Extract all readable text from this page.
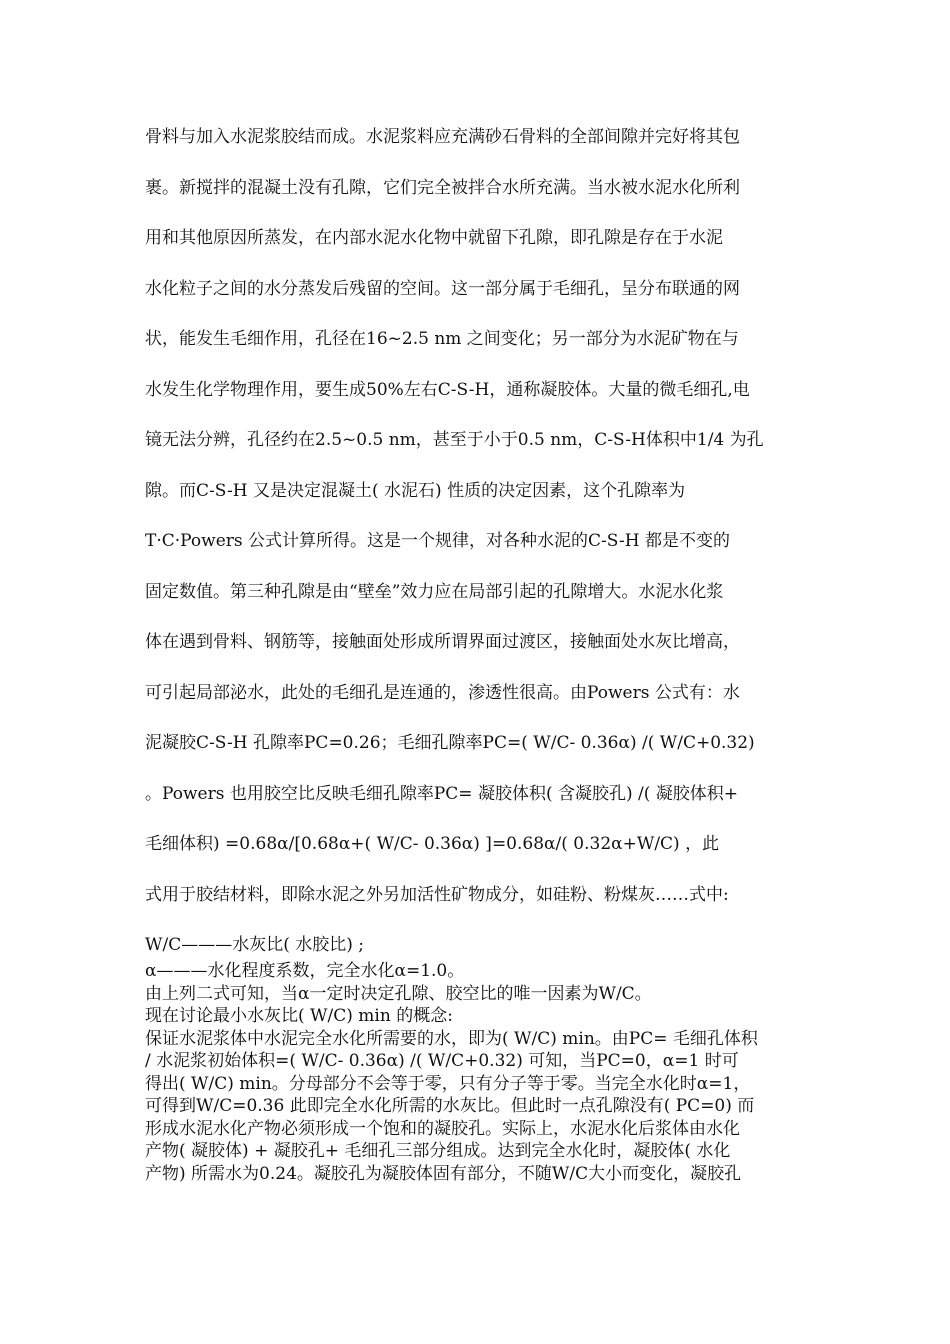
骨料与加入水泥浆胶结而成。水泥浆料应充满砂石骨料的全部间隙并完好将其包

裹。新搅拌的混凝土没有孔隙，它们完全被拌合水所充满。当水被水泥水化所利

用和其他原因所蒸发，在内部水泥水化物中就留下孔隙，即孔隙是存在于水泥

水化粒子之间的水分蒸发后残留的空间。这一部分属于毛细孔，呈分布联通的网

状，能发生毛细作用，孔径在16~2.5 nm 之间变化；另一部分为水泥矿物在与

水发生化学物理作用，要生成50%左右C-S-H，通称凝胶体。大量的微毛细孔,电

镜无法分辨，孔径约在2.5~0.5 nm，甚至于小于0.5 nm，C-S-H体积中1/4 为孔

隙。而C-S-H 又是决定混凝土( 水泥石) 性质的决定因素，这个孔隙率为

T·C·Powers 公式计算所得。这是一个规律，对各种水泥的C-S-H 都是不变的

固定数值。第三种孔隙是由“壁垒”效力应在局部引起的孔隙增大。水泥水化浆

体在遇到骨料、钢筋等，接触面处形成所谓界面过渡区，接触面处水灰比增高，

可引起局部泌水，此处的毛细孔是连通的，渗透性很高。由Powers 公式有：水

泥凝胶C-S-H 孔隙率PC=0.26；毛细孔隙率PC=( W/C- 0.36α) /( W/C+0.32)

。Powers 也用胶空比反映毛细孔隙率PC= 凝胶体积( 含凝胶孔) /( 凝胶体积+

毛细体积) =0.68α/[0.68α+( W/C- 0.36α) ]=0.68α/( 0.32α+W/C) ，此

式用于胶结材料，即除水泥之外另加活性矿物成分，如硅粉、粉煤灰……式中:

W/C———水灰比( 水胶比) ;

α———水化程度系数，完全水化α=1.0。

由上列二式可知，当α一定时决定孔隙、胶空比的唯一因素为W/C。

现在讨论最小水灰比( W/C) min 的概念:

保证水泥浆体中水泥完全水化所需要的水，即为( W/C) min。由PC= 毛细孔体积

/ 水泥浆初始体积=( W/C- 0.36α) /( W/C+0.32) 可知，当PC=0，α=1 时可

得出( W/C) min。分母部分不会等于零，只有分子等于零。当完全水化时α=1，

可得到W/C=0.36 此即完全水化所需的水灰比。但此时一点孔隙没有( PC=0) 而

形成水泥水化产物必须形成一个饱和的凝胶孔。实际上，水泥水化后浆体由水化

产物( 凝胶体) + 凝胶孔+ 毛细孔三部分组成。达到完全水化时，凝胶体( 水化

产物) 所需水为0.24。凝胶孔为凝胶体固有部分，不随W/C大小而变化，凝胶孔
